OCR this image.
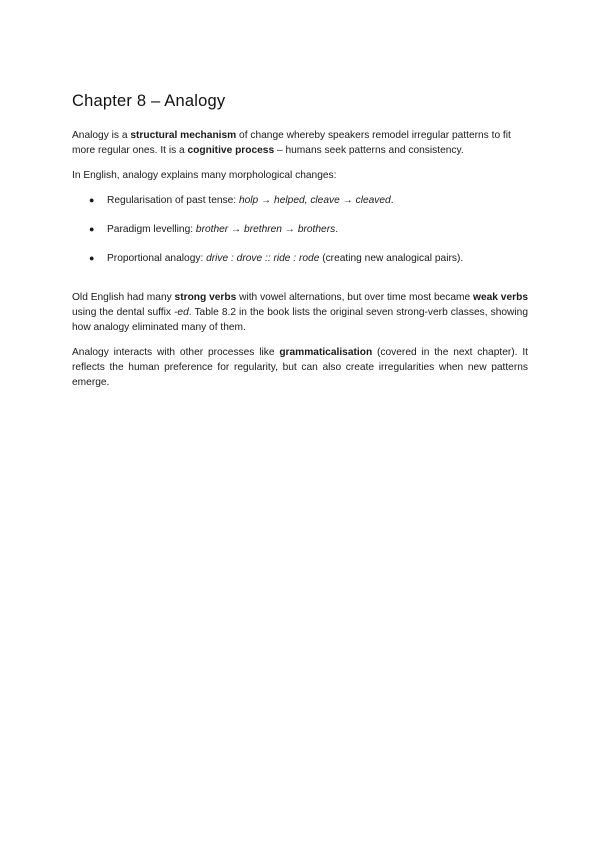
Chapter 8 – Analogy

Analogy is a structural mechanism of change whereby speakers remodel irregular patterns to fit more regular ones. It is a cognitive process – humans seek patterns and consistency.

In English, analogy explains many morphological changes:

● Regularisation of past tense: holp → helped, cleave → cleaved.
● Paradigm levelling: brother → brethren → brothers.
● Proportional analogy: drive : drove :: ride : rode (creating new analogical pairs).

Old English had many strong verbs with vowel alternations, but over time most became weak verbs using the dental suffix -ed. Table 8.2 in the book lists the original seven strong-verb classes, showing how analogy eliminated many of them.

Analogy interacts with other processes like grammaticalisation (covered in the next chapter). It reflects the human preference for regularity, but can also create irregularities when new patterns emerge.
